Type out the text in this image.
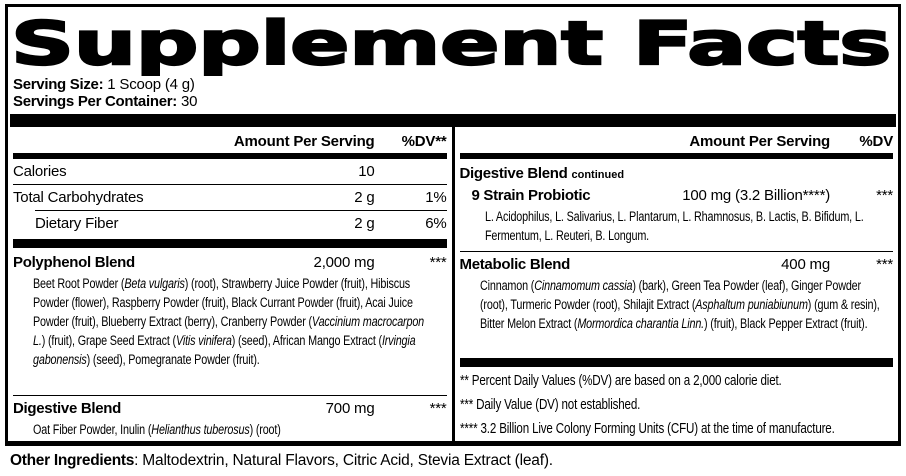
Supplement Facts
Serving Size: 1 Scoop (4 g)
Servings Per Container: 30
Amount Per Serving	%DV**
Calories	10
Total Carbohydrates	2 g	1%
Dietary Fiber	2 g	6%
Polyphenol Blend	2,000 mg	***
Beet Root Powder (Beta vulgaris) (root), Strawberry Juice Powder (fruit), Hibiscus Powder (flower), Raspberry Powder (fruit), Black Currant Powder (fruit), Acai Juice Powder (fruit), Blueberry Extract (berry), Cranberry Powder (Vaccinium macrocarpon L.) (fruit), Grape Seed Extract (Vitis vinifera) (seed), African Mango Extract (Irvingia gabonensis) (seed), Pomegranate Powder (fruit).
Digestive Blend	700 mg	***
Oat Fiber Powder, Inulin (Helianthus tuberosus) (root)
Amount Per Serving	%DV
Digestive Blend continued
9 Strain Probiotic	100 mg (3.2 Billion****)	***
L. Acidophilus, L. Salivarius, L. Plantarum, L. Rhamnosus, B. Lactis, B. Bifidum, L. Fermentum, L. Reuteri, B. Longum.
Metabolic Blend	400 mg	***
Cinnamon (Cinnamomum cassia) (bark), Green Tea Powder (leaf), Ginger Powder (root), Turmeric Powder (root), Shilajit Extract (Asphaltum puniabiunum) (gum & resin), Bitter Melon Extract (Mormordica charantia Linn.) (fruit), Black Pepper Extract (fruit).
** Percent Daily Values (%DV) are based on a 2,000 calorie diet.
*** Daily Value (DV) not established.
**** 3.2 Billion Live Colony Forming Units (CFU) at the time of manufacture.
Other Ingredients: Maltodextrin, Natural Flavors, Citric Acid, Stevia Extract (leaf).
